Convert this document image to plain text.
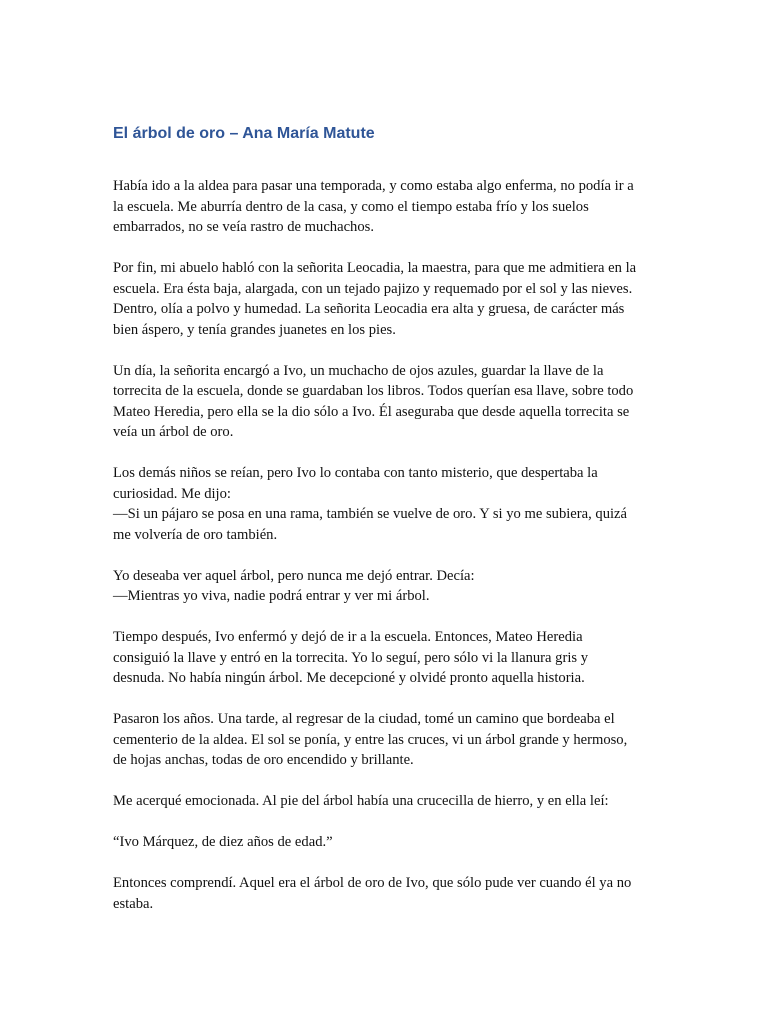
El árbol de oro – Ana María Matute
Había ido a la aldea para pasar una temporada, y como estaba algo enferma, no podía ir a
la escuela. Me aburría dentro de la casa, y como el tiempo estaba frío y los suelos
embarrados, no se veía rastro de muchachos.
Por fin, mi abuelo habló con la señorita Leocadia, la maestra, para que me admitiera en la
escuela. Era ésta baja, alargada, con un tejado pajizo y requemado por el sol y las nieves.
Dentro, olía a polvo y humedad. La señorita Leocadia era alta y gruesa, de carácter más
bien áspero, y tenía grandes juanetes en los pies.
Un día, la señorita encargó a Ivo, un muchacho de ojos azules, guardar la llave de la
torrecita de la escuela, donde se guardaban los libros. Todos querían esa llave, sobre todo
Mateo Heredia, pero ella se la dio sólo a Ivo. Él aseguraba que desde aquella torrecita se
veía un árbol de oro.
Los demás niños se reían, pero Ivo lo contaba con tanto misterio, que despertaba la
curiosidad. Me dijo:
—Si un pájaro se posa en una rama, también se vuelve de oro. Y si yo me subiera, quizá
me volvería de oro también.
Yo deseaba ver aquel árbol, pero nunca me dejó entrar. Decía:
—Mientras yo viva, nadie podrá entrar y ver mi árbol.
Tiempo después, Ivo enfermó y dejó de ir a la escuela. Entonces, Mateo Heredia
consiguió la llave y entró en la torrecita. Yo lo seguí, pero sólo vi la llanura gris y
desnuda. No había ningún árbol. Me decepcioné y olvidé pronto aquella historia.
Pasaron los años. Una tarde, al regresar de la ciudad, tomé un camino que bordeaba el
cementerio de la aldea. El sol se ponía, y entre las cruces, vi un árbol grande y hermoso,
de hojas anchas, todas de oro encendido y brillante.
Me acerqué emocionada. Al pie del árbol había una crucecilla de hierro, y en ella leí:
“Ivo Márquez, de diez años de edad.”
Entonces comprendí. Aquel era el árbol de oro de Ivo, que sólo pude ver cuando él ya no
estaba.
